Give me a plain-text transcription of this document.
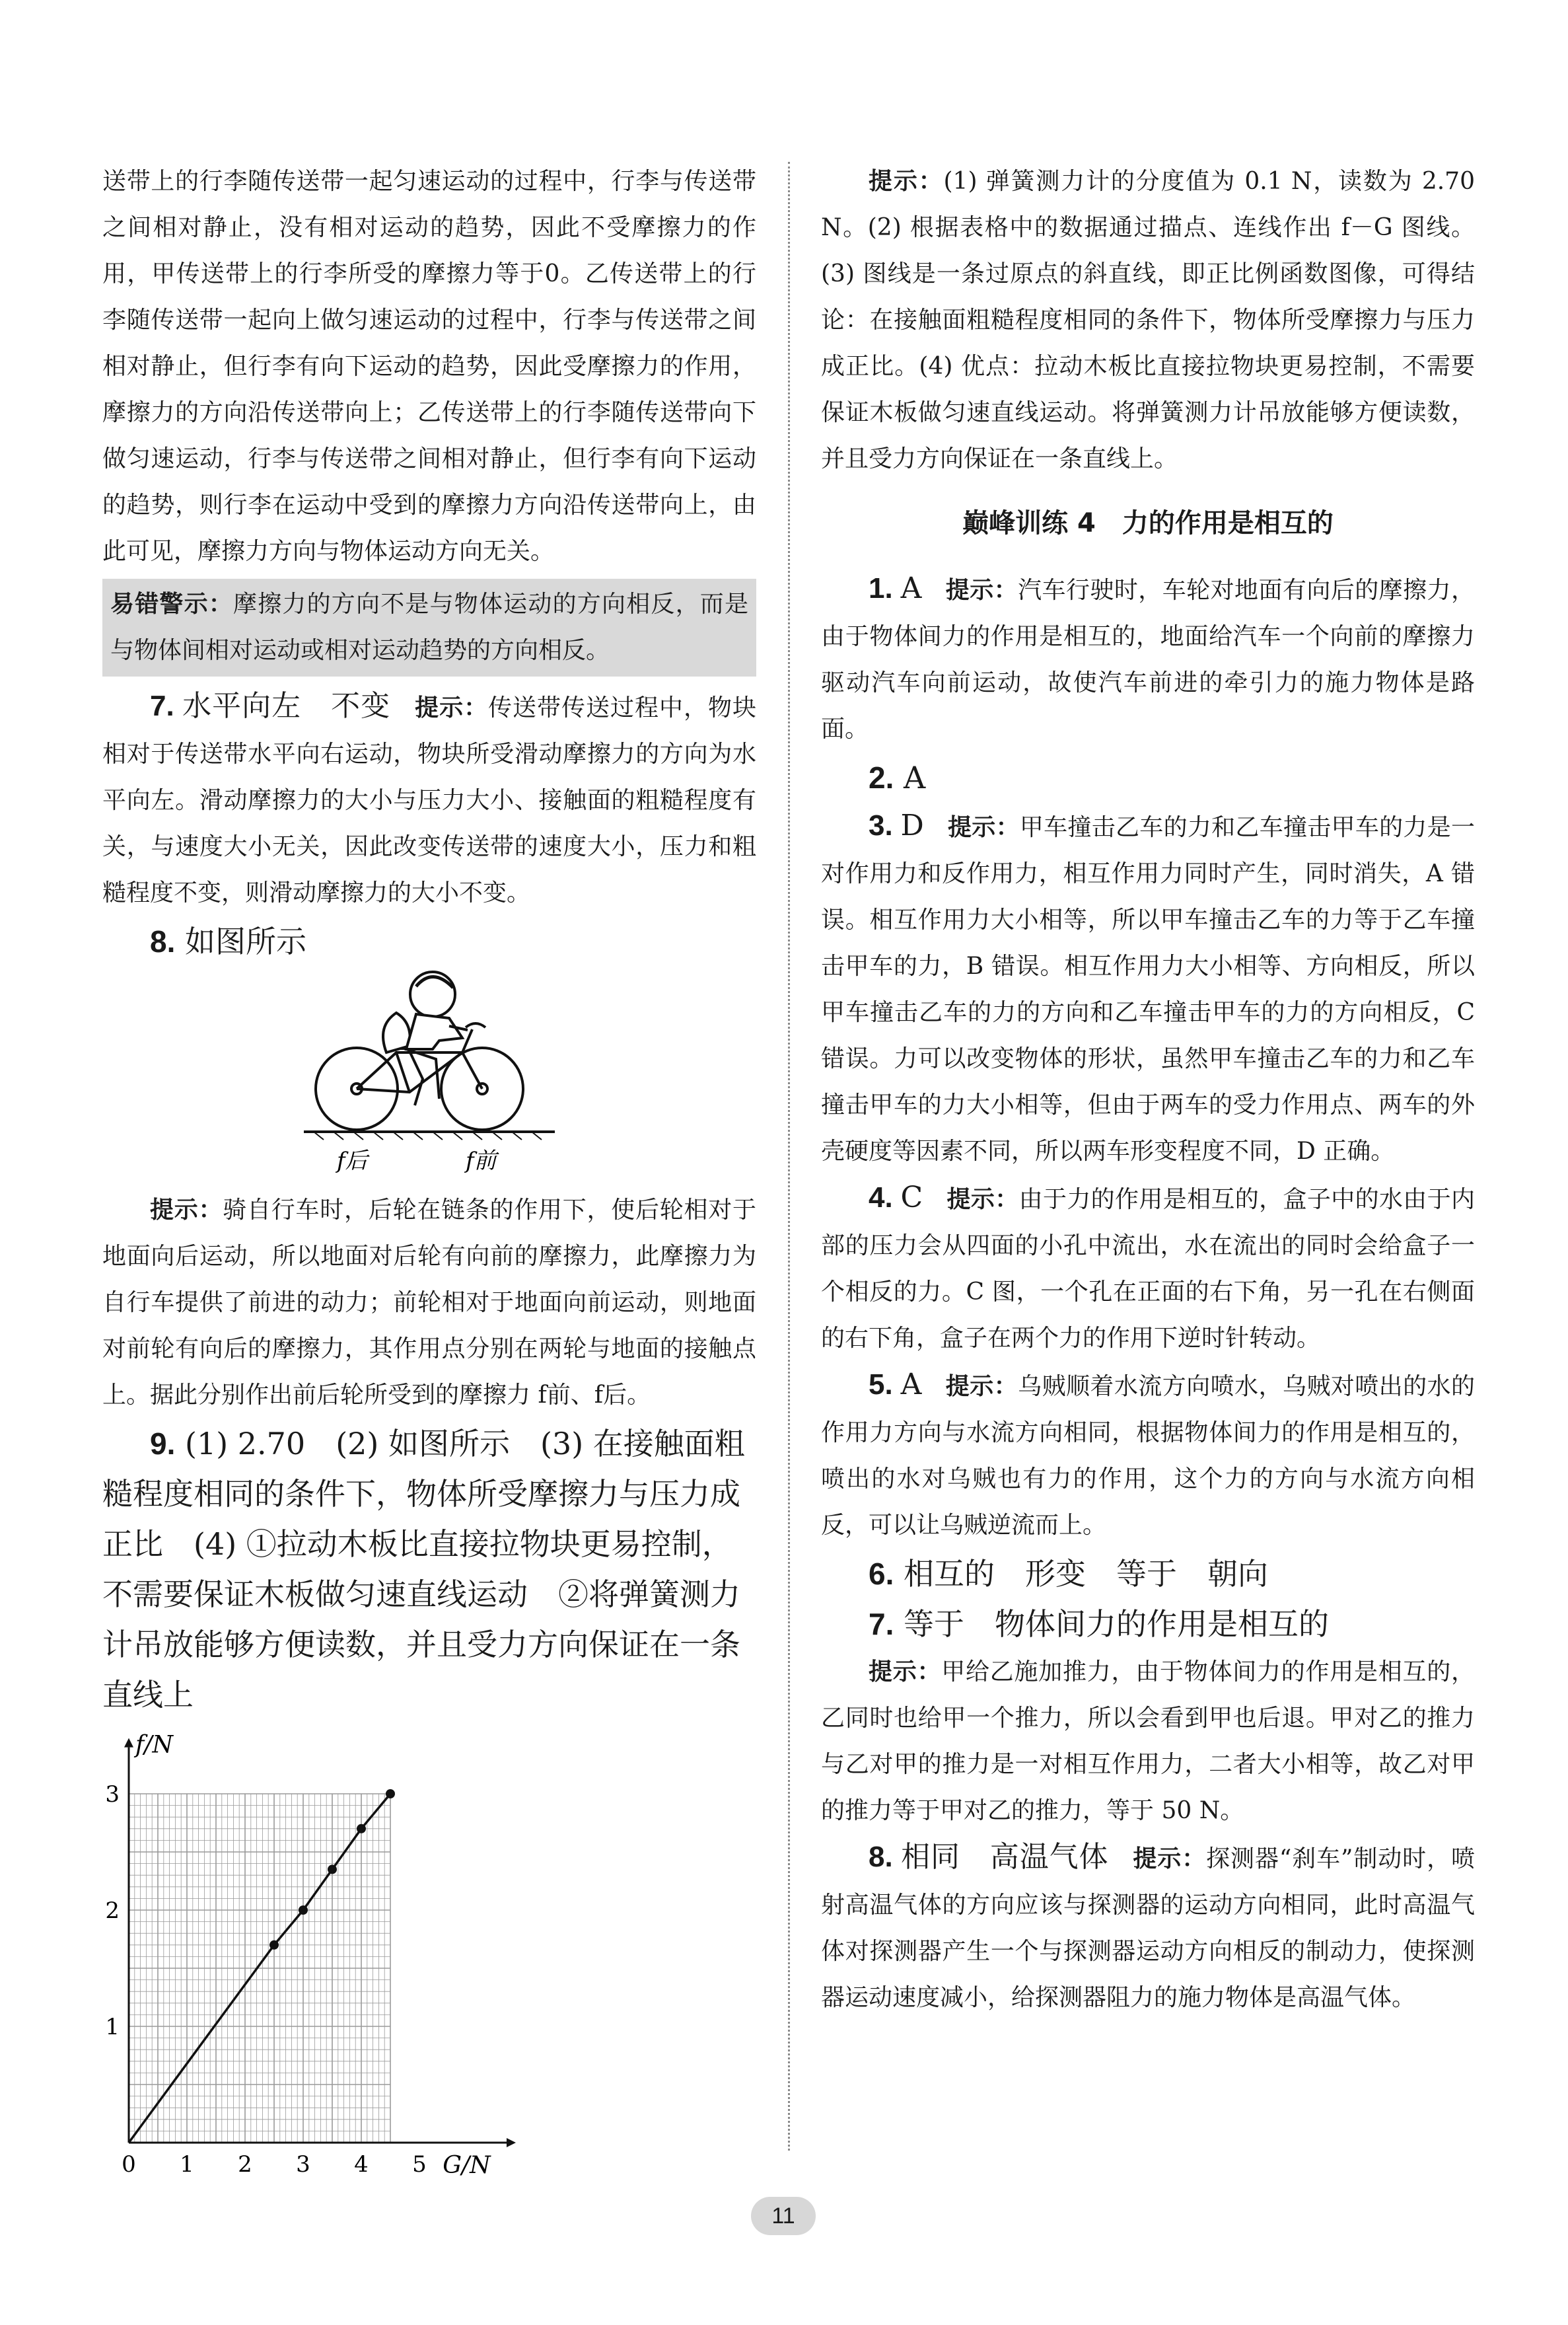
送带上的行李随传送带一起匀速运动的过程中，行李与传送带之间相对静止，没有相对运动的趋势，因此不受摩擦力的作用，甲传送带上的行李所受的摩擦力等于0。乙传送带上的行李随传送带一起向上做匀速运动的过程中，行李与传送带之间相对静止，但行李有向下运动的趋势，因此受摩擦力的作用，摩擦力的方向沿传送带向上；乙传送带上的行李随传送带向下做匀速运动，行李与传送带之间相对静止，但行李有向下运动的趋势，则行李在运动中受到的摩擦力方向沿传送带向上，由此可见，摩擦力方向与物体运动方向无关。

易错警示：摩擦力的方向不是与物体运动的方向相反，而是与物体间相对运动或相对运动趋势的方向相反。

7. 水平向左　不变 提示：传送带传送过程中，物块相对于传送带水平向右运动，物块所受滑动摩擦力的方向为水平向左。滑动摩擦力的大小与压力大小、接触面的粗糙程度有关，与速度大小无关，因此改变传送带的速度大小，压力和粗糙程度不变，则滑动摩擦力的大小不变。

8. 如图所示

f后	f前

提示：骑自行车时，后轮在链条的作用下，使后轮相对于地面向后运动，所以地面对后轮有向前的摩擦力，此摩擦力为自行车提供了前进的动力；前轮相对于地面向前运动，则地面对前轮有向后的摩擦力，其作用点分别在两轮与地面的接触点上。据此分别作出前后轮所受到的摩擦力 f前、f后。

9. (1) 2.70　(2) 如图所示　(3) 在接触面粗糙程度相同的条件下，物体所受摩擦力与压力成正比　(4) ①拉动木板比直接拉物块更易控制，不需要保证木板做匀速直线运动　②将弹簧测力计吊放能够方便读数，并且受力方向保证在一条直线上

0 1 2 3 4 5
1
2
3
G/N
f/N

提示：(1) 弹簧测力计的分度值为 0.1 N，读数为 2.70 N。(2) 根据表格中的数据通过描点、连线作出 f－G 图线。(3) 图线是一条过原点的斜直线，即正比例函数图像，可得结论：在接触面粗糙程度相同的条件下，物体所受摩擦力与压力成正比。(4) 优点：拉动木板比直接拉物块更易控制，不需要保证木板做匀速直线运动。将弹簧测力计吊放能够方便读数，并且受力方向保证在一条直线上。

巅峰训练 4　力的作用是相互的

1. A 提示：汽车行驶时，车轮对地面有向后的摩擦力，由于物体间力的作用是相互的，地面给汽车一个向前的摩擦力驱动汽车向前运动，故使汽车前进的牵引力的施力物体是路面。

2. A

3. D 提示：甲车撞击乙车的力和乙车撞击甲车的力是一对作用力和反作用力，相互作用力同时产生，同时消失，A 错误。相互作用力大小相等，所以甲车撞击乙车的力等于乙车撞击甲车的力，B 错误。相互作用力大小相等、方向相反，所以甲车撞击乙车的力的方向和乙车撞击甲车的力的方向相反，C 错误。力可以改变物体的形状，虽然甲车撞击乙车的力和乙车撞击甲车的力大小相等，但由于两车的受力作用点、两车的外壳硬度等因素不同，所以两车形变程度不同，D 正确。

4. C 提示：由于力的作用是相互的，盒子中的水由于内部的压力会从四面的小孔中流出，水在流出的同时会给盒子一个相反的力。C 图，一个孔在正面的右下角，另一孔在右侧面的右下角，盒子在两个力的作用下逆时针转动。

5. A 提示：乌贼顺着水流方向喷水，乌贼对喷出的水的作用力方向与水流方向相同，根据物体间力的作用是相互的，喷出的水对乌贼也有力的作用，这个力的方向与水流方向相反，可以让乌贼逆流而上。

6. 相互的　形变　等于　朝向

7. 等于　物体间力的作用是相互的

提示：甲给乙施加推力，由于物体间力的作用是相互的，乙同时也给甲一个推力，所以会看到甲也后退。甲对乙的推力与乙对甲的推力是一对相互作用力，二者大小相等，故乙对甲的推力等于甲对乙的推力，等于 50 N。

8. 相同　高温气体 提示：探测器“刹车”制动时，喷射高温气体的方向应该与探测器的运动方向相同，此时高温气体对探测器产生一个与探测器运动方向相反的制动力，使探测器运动速度减小，给探测器阻力的施力物体是高温气体。

11
